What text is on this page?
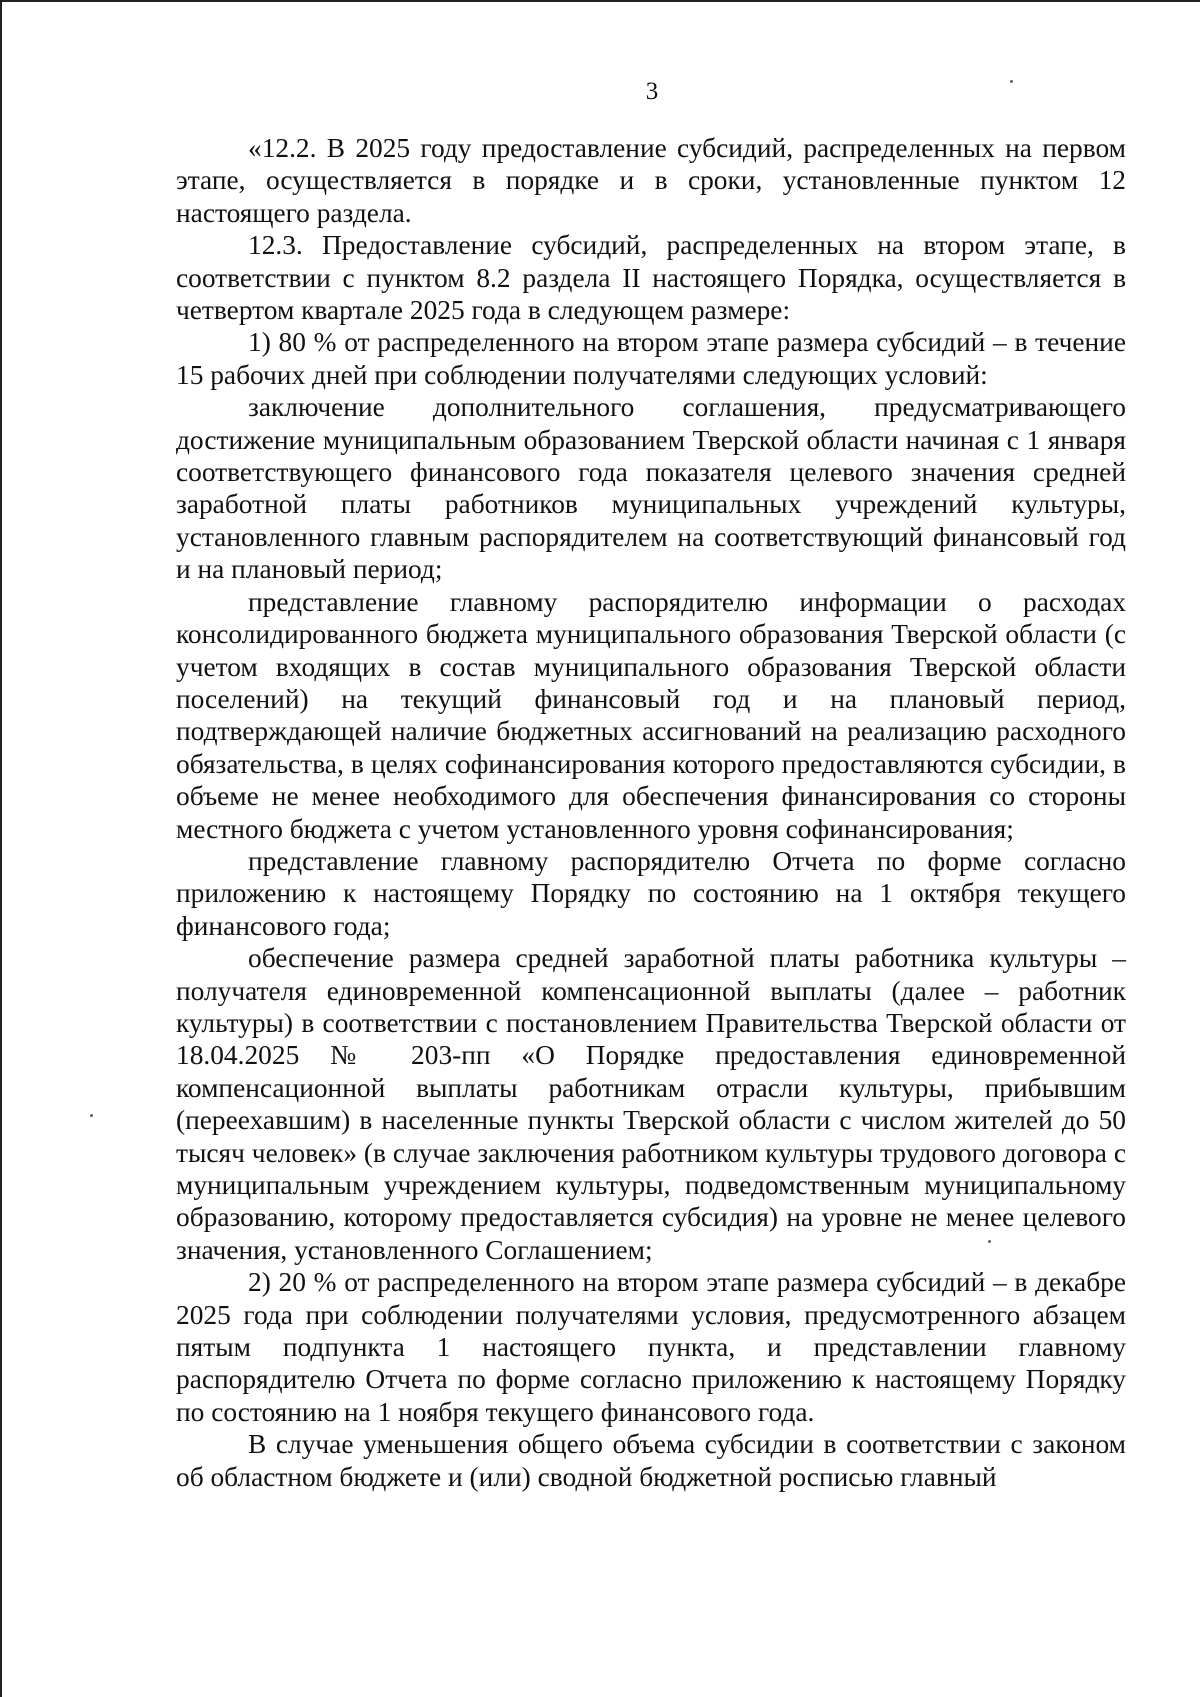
3

«12.2. В 2025 году предоставление субсидий, распределенных на первом этапе, осуществляется в порядке и в сроки, установленные пунктом 12 настоящего раздела.

12.3. Предоставление субсидий, распределенных на втором этапе, в соответствии с пунктом 8.2 раздела II настоящего Порядка, осуществляется в четвертом квартале 2025 года в следующем размере:

1) 80 % от распределенного на втором этапе размера субсидий – в течение 15 рабочих дней при соблюдении получателями следующих условий:

заключение дополнительного соглашения, предусматривающего достижение муниципальным образованием Тверской области начиная с 1 января соответствующего финансового года показателя целевого значения средней заработной платы работников муниципальных учреждений культуры, установленного главным распорядителем на соответствующий финансовый год и на плановый период;

представление главному распорядителю информации о расходах консолидированного бюджета муниципального образования Тверской области (с учетом входящих в состав муниципального образования Тверской области поселений) на текущий финансовый год и на плановый период, подтверждающей наличие бюджетных ассигнований на реализацию расходного обязательства, в целях софинансирования которого предоставляются субсидии, в объеме не менее необходимого для обеспечения финансирования со стороны местного бюджета с учетом установленного уровня софинансирования;

представление главному распорядителю Отчета по форме согласно приложению к настоящему Порядку по состоянию на 1 октября текущего финансового года;

обеспечение размера средней заработной платы работника культуры – получателя единовременной компенсационной выплаты (далее – работник культуры) в соответствии с постановлением Правительства Тверской области от 18.04.2025 № 203-пп «О Порядке предоставления единовременной компенсационной выплаты работникам отрасли культуры, прибывшим (переехавшим) в населенные пункты Тверской области с числом жителей до 50 тысяч человек» (в случае заключения работником культуры трудового договора с муниципальным учреждением культуры, подведомственным муниципальному образованию, которому предоставляется субсидия) на уровне не менее целевого значения, установленного Соглашением;

2) 20 % от распределенного на втором этапе размера субсидий – в декабре 2025 года при соблюдении получателями условия, предусмотренного абзацем пятым подпункта 1 настоящего пункта, и представлении главному распорядителю Отчета по форме согласно приложению к настоящему Порядку по состоянию на 1 ноября текущего финансового года.

В случае уменьшения общего объема субсидии в соответствии с законом об областном бюджете и (или) сводной бюджетной росписью главный
